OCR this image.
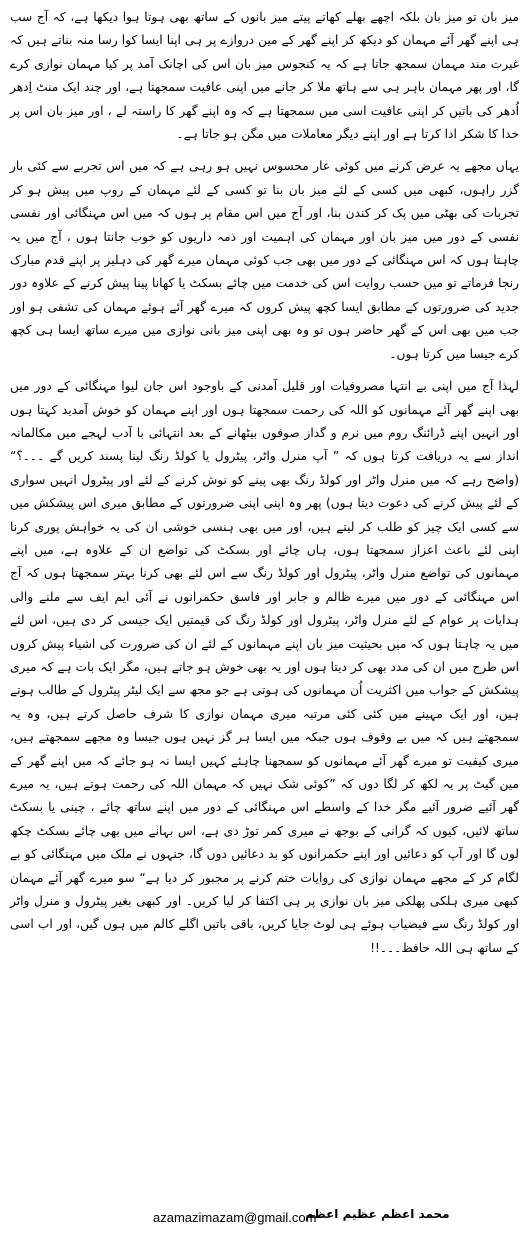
میز بان تو میز بان بلکہ اچھے بھلے کھاتے پیتے میز بانوں کے ساتھ بھی ہوتا ہوا دیکھا ہے، کہ آج سب ہی اپنے گھر آئے مہمان کو دیکھ کر اپنے گھر کے مین دروازے پر ہی اپنا ایسا کوا رسا منہ بناتے ہیں کہ غیرت مند مہمان سمجھ جاتا ہے کہ یہ کنجوس میز بان اس کی اچانک آمد پر کیا مہمان نوازی کرے گا، اور پھر مہمان باہر ہی سے ہاتھ ملا کر جانے میں اپنی عافیت سمجھتا ہے، اور چند ایک منٹ اِدھر اُدھر کی باتیں کر اپنی عافیت اسی میں سمجھتا ہے کہ وہ اپنے گھر کا راستہ لے ، اور میز بان اس پر خدا کا شکر ادا کرتا ہے اور اپنے دیگر معاملات میں مگن ہو جاتا ہے۔

یہاں مجھے یہ عرض کرنے میں کوئی عار محسوس نہیں ہو رہی ہے کہ میں اس تجربے سے کئی بار گزر راہوں، کبھی میں کسی کے لئے میز بان بنا تو کسی کے لئے مہمان کے روپ میں پیش ہو کر تجربات کی بھٹی میں پک کر کندن بنا، اور آج میں اس مقام پر ہوں کہ میں اس مہنگائی اور نفسی نفسی کے دور میں میز بان اور مہمان کی اہمیت اور ذمہ داریوں کو خوب جانتا ہوں ، آج میں یہ چاہتا ہوں کہ اس مہنگائی کے دور میں بھی جب کوئی مہمان میرے گھر کی دہلیز پر اپنے قدم مبارک رنجا فرماتے تو میں حسب روایت اس کی خدمت میں چائے بسکٹ یا کھانا پینا پیش کرنے کے علاوہ دور جدید کی ضرورتوں کے مطابق ایسا کچھ پیش کروں کہ میرے گھر آئے ہوئے مہمان کی تشفی ہو اور جب میں بھی اس کے گھر حاضر ہوں تو وہ بھی اپنی میز بانی نوازی میں میرے ساتھ ایسا ہی کچھ کرے جیسا میں کرتا ہوں۔

لہذا آج میں اپنی بے انتہا مصروفیات اور قلیل آمدنی کے باوجود اس جان لیوا مہنگائی کے دور میں بھی اپنے گھر آئے مہمانوں کو اللہ کی رحمت سمجھتا ہوں اور اپنے مہمان کو خوش آمدید کہتا ہوں اور انہیں اپنے ڈرائنگ روم میں نرم و گداز صوفوں بیٹھانے کے بعد انتہائی با آدب لہجے میں مکالمانہ انداز سے یہ دریافت کرتا ہوں کہ ” آپ منرل واٹر، پیٹرول یا کولڈ رنگ لینا پسند کریں گے ۔۔۔؟“ (واضح رہے کہ میں منرل واٹر اور کولڈ رنگ بھی پینے کو نوش کرنے کے لئے اور پیٹرول انہیں سواری کے لئے پیش کرنے کی دعوت دیتا ہوں) پھر وہ اپنی اپنی ضرورتوں کے مطابق میری اس پیشکش میں سے کسی ایک چیز کو طلب کر لیتے ہیں، اور میں بھی ہنسی خوشی ان کی یہ خواہش پوری کرنا اپنی لئے باعث اعزاز سمجھتا ہوں، ہاں چائے اور بسکٹ کی تواضع ان کے علاوہ ہے، میں اپنے مہمانوں کی تواضع منرل واٹر، پیٹرول اور کولڈ رنگ سے اس لئے بھی کرنا بہتر سمجھتا ہوں کہ آج اس مہنگائی کے دور میں میرے ظالم و جابر اور فاسق حکمرانوں نے آئی ایم ایف سے ملنے والی ہدایات پر عوام کے لئے منرل واٹر، پیٹرول اور کولڈ رنگ کی قیمتیں ایک جیسی کر دی ہیں، اس لئے میں یہ چاہتا ہوں کہ میں بحیثیت میز بان اپنے مہمانوں کے لئے ان کی ضرورت کی اشیاء پیش کروں اس طرح میں ان کی مدد بھی کر دیتا ہوں اور یہ بھی خوش ہو جاتے ہیں، مگر ایک بات ہے کہ میری پیشکش کے جواب میں اکثریت اُن مہمانوں کی ہوتی ہے جو مجھ سے ایک لیٹر پیٹرول کے طالب ہوتے ہیں، اور ایک مہینے میں کئی کئی مرتبہ میری مہمان نوازی کا شرف حاصل کرتے ہیں، وہ یہ سمجھتے ہیں کہ میں بے وقوف ہوں جبکہ میں ایسا ہر گز نہیں ہوں جیسا وہ مجھے سمجھتے ہیں، میری کیفیت تو میرے گھر آئے مہمانوں کو سمجھنا چاہئے کہیں ایسا نہ ہو جائے کہ میں اپنے گھر کے مین گیٹ پر یہ لکھ کر لگا دوں کہ ”کوئی شک نہیں کہ مہمان اللہ کی رحمت ہوتے ہیں، یہ میرے گھر آئیے ضرور آئیے مگر خدا کے واسطے اس مہنگائی کے دور میں اپنے ساتھ چائے ، چینی یا بسکٹ ساتھ لائیں، کیوں کہ گرانی کے بوجھ نے میری کمر توڑ دی ہے، اس بہانے میں بھی چائے بسکٹ چکھ لوں گا اور آپ کو دعائیں اور اپنے حکمرانوں کو بد دعائیں دوں گا، جنہوں نے ملک میں مہنگائی کو بے لگام کر کے مجھے مہمان نوازی کی روایات ختم کرنے پر مجبور کر دیا ہے“ سو میرے گھر آئے مہمان کبھی میری ہلکی پھلکی میز بان نوازی پر ہی اکتفا کر لیا کریں۔ اور کبھی بغیر پیٹرول و منرل واٹر اور کولڈ رنگ سے فیضیاب ہوئے ہی لوٹ جایا کریں، باقی باتیں اگلے کالم میں ہوں گیں، اور اب اسی کے ساتھ ہی اللہ حافظ۔۔۔!!

azamazimazam@gmail.com
محمد اعظم عظیم اعظم
